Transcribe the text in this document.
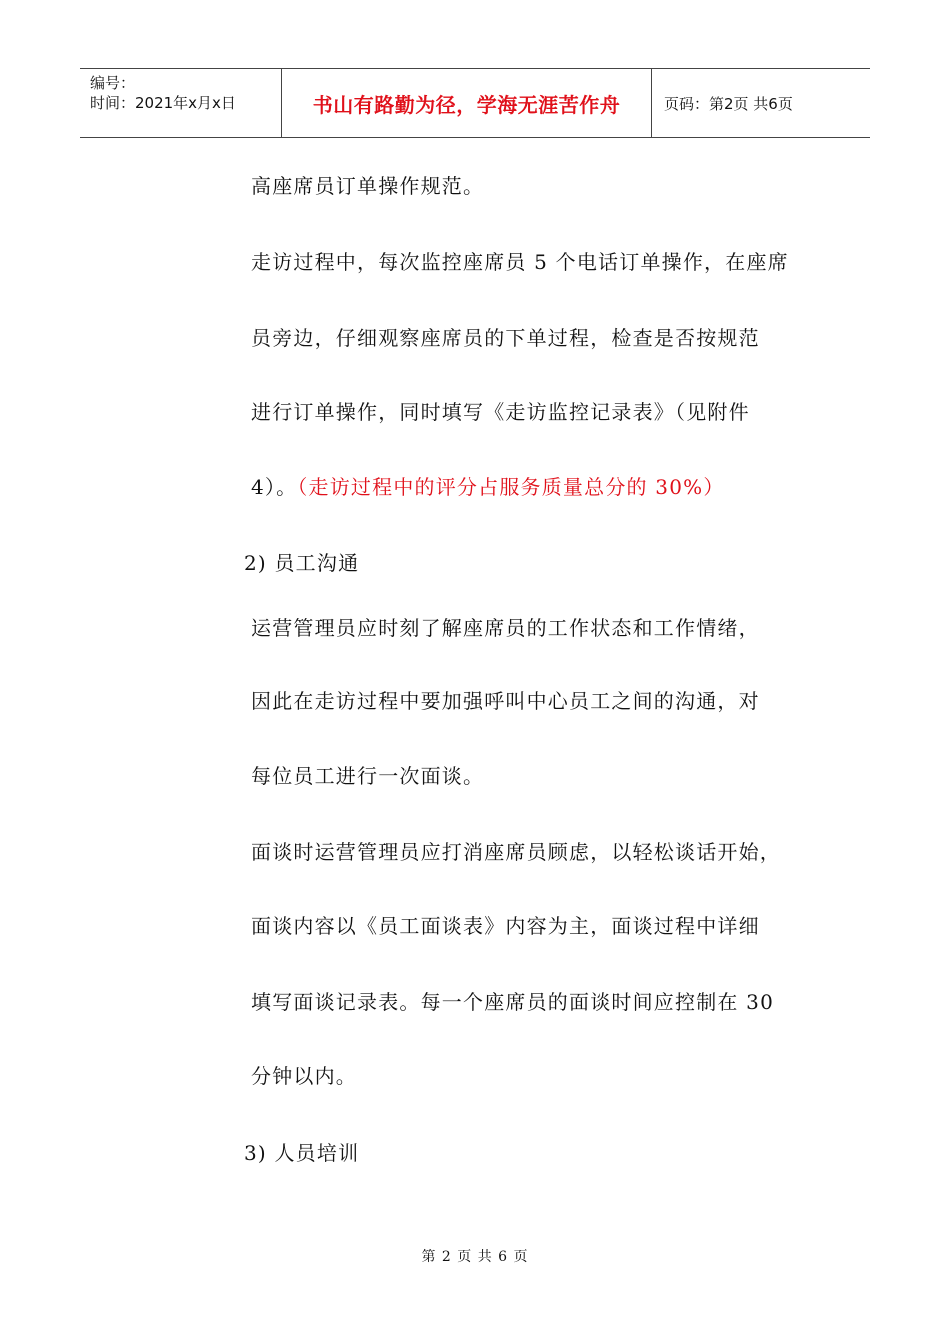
编号：
时间：2021年x月x日	书山有路勤为径，学海无涯苦作舟	页码：第2页 共6页
高座席员订单操作规范。
走访过程中，每次监控座席员 5 个电话订单操作，在座席
员旁边，仔细观察座席员的下单过程，检查是否按规范
进行订单操作，同时填写《走访监控记录表》（见附件
4）。（走访过程中的评分占服务质量总分的 30%）
2) 员工沟通
运营管理员应时刻了解座席员的工作状态和工作情绪，
因此在走访过程中要加强呼叫中心员工之间的沟通，对
每位员工进行一次面谈。
面谈时运营管理员应打消座席员顾虑，以轻松谈话开始，
面谈内容以《员工面谈表》内容为主，面谈过程中详细
填写面谈记录表。每一个座席员的面谈时间应控制在 30
分钟以内。
3) 人员培训
第 2 页 共 6 页
